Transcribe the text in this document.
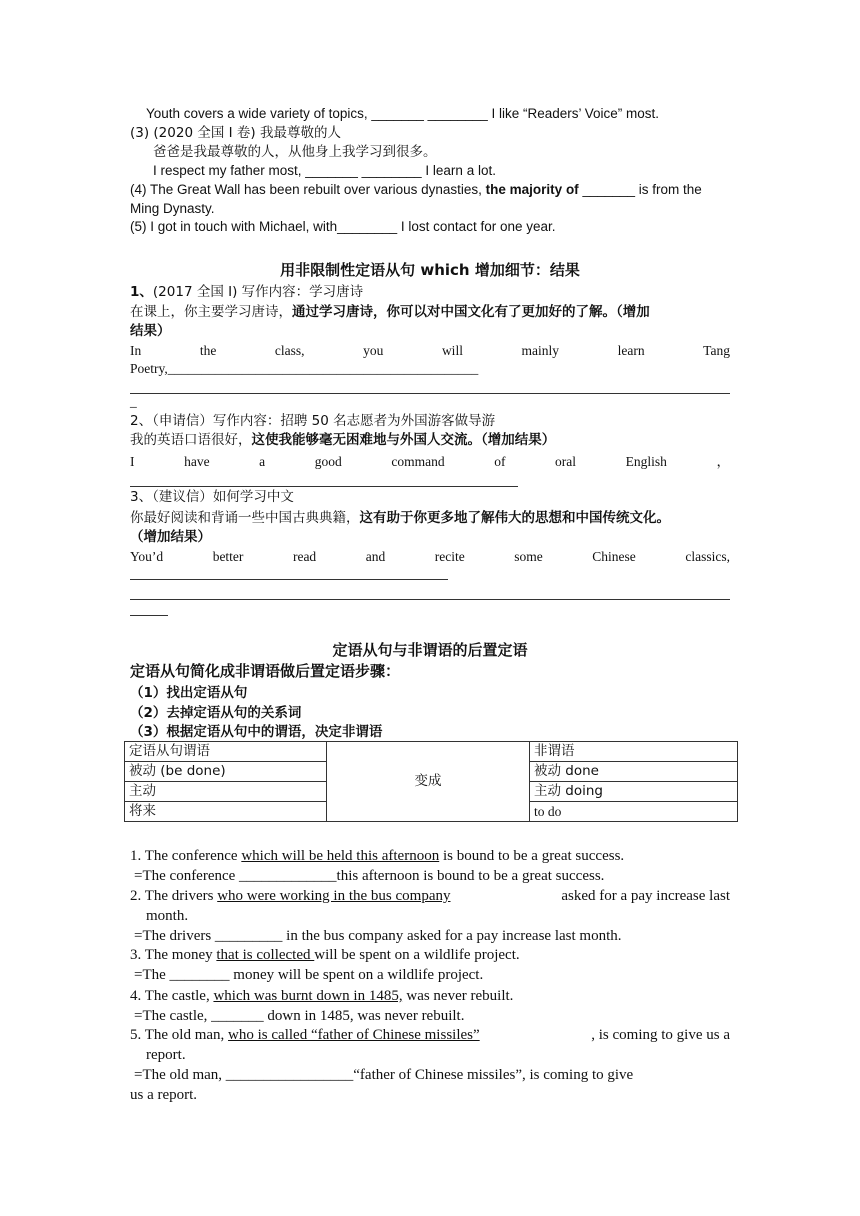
Youth covers a wide variety of topics, _______ ________ I like “Readers’ Voice” most.
(3) (2020 全国 I 卷) 我最尊敬的人
爸爸是我最尊敬的人，从他身上我学习到很多。
I respect my father most, _______ ________ I learn a lot.
(4) The Great Wall has been rebuilt over various dynasties, the majority of _______ is from the
Ming Dynasty.
(5) I got in touch with Michael, with________ I lost contact for one year.
用非限制性定语从句 which 增加细节：结果
1、(2017 全国 I) 写作内容：学习唐诗
在课上，你主要学习唐诗，通过学习唐诗，你可以对中国文化有了更加好的了解。（增加
结果）
In	the	class,	you	will	mainly	learn	Tang
Poetry,______________________________________________
_
2、（申请信）写作内容：招聘 50 名志愿者为外国游客做导游
我的英语口语很好，这使我能够毫无困难地与外国人交流。（增加结果）
I	have	a	good	command	of	oral	English	，
3、（建议信）如何学习中文
你最好阅读和背诵一些中国古典典籍，这有助于你更多地了解伟大的思想和中国传统文化。
（增加结果）
You’d	better	read	and	recite	some	Chinese	classics,
定语从句与非谓语的后置定语
定语从句简化成非谓语做后置定语步骤：
（1）找出定语从句
（2）去掉定语从句的关系词
（3）根据定语从句中的谓语，决定非谓语
定语从句谓语	变成	非谓语
被动 (be done)		被动 done
主动		主动 doing
将来		to do
1. The conference which will be held this afternoon is bound to be a great success.
=The conference _____________this afternoon is bound to be a great success.
2. The drivers who were working in the bus company	asked for a pay increase last
month.
=The drivers _________ in the bus company asked for a pay increase last month.
3. The money that is collected will be spent on a wildlife project.
=The ________ money will be spent on a wildlife project.
4. The castle, which was burnt down in 1485, was never rebuilt.
=The castle, _______ down in 1485, was never rebuilt.
5. The old man, who is called “father of Chinese missiles”	, is coming to give us a
report.
=The old man, _________________“father of Chinese missiles”, is coming to give
us a report.
